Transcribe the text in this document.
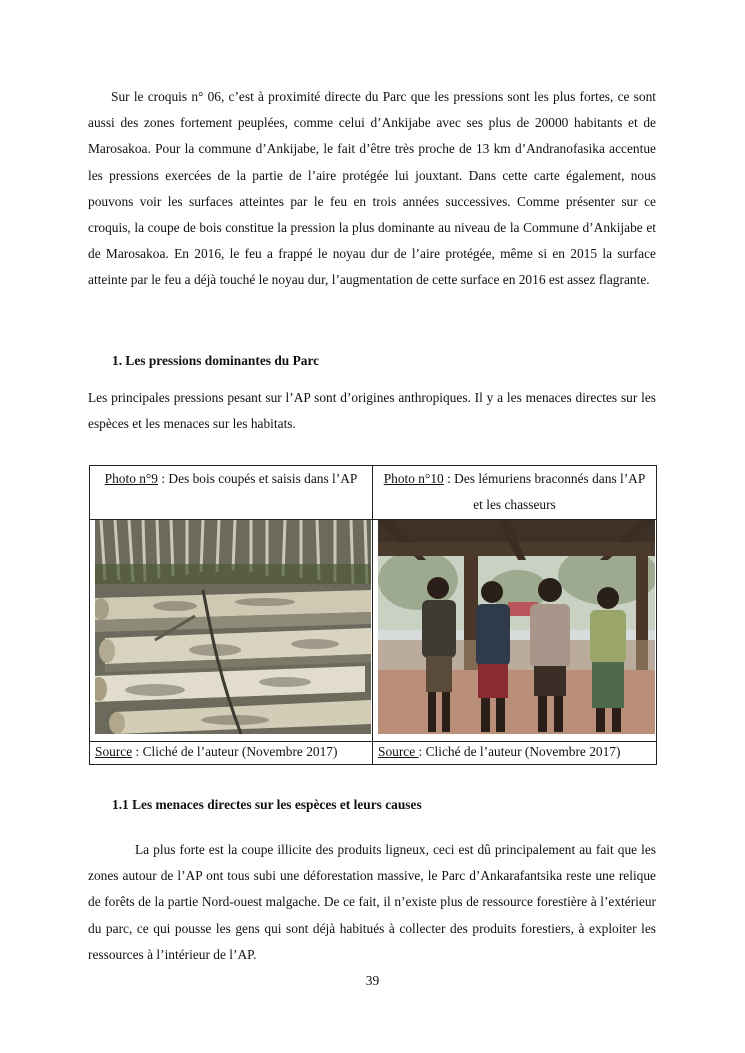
Sur le croquis n° 06, c’est à proximité directe du Parc que les pressions sont les plus fortes, ce sont aussi des zones fortement peuplées, comme celui d’Ankijabe avec ses plus de 20000 habitants et de Marosakoa. Pour la commune d’Ankijabe, le fait d’être très proche de 13 km d’Andranofasika accentue les pressions exercées de la partie de l’aire protégée lui jouxtant. Dans cette carte également, nous pouvons voir les surfaces atteintes par le feu en trois années successives. Comme présenter sur ce croquis, la coupe de bois constitue la pression la plus dominante au niveau de la Commune d’Ankijabe et de Marosakoa. En 2016, le feu a frappé le noyau dur de l’aire protégée, même si en 2015 la surface atteinte par le feu a déjà touché le noyau dur, l’augmentation de cette surface en 2016 est assez flagrante.

1. Les pressions dominantes du Parc

Les principales pressions pesant sur l’AP sont d’origines anthropiques. Il y a les menaces directes sur les espèces et les menaces sur les habitats.

Photo n°9 : Des bois coupés et saisis dans l’AP	Photo n°10 : Des lémuriens braconnés dans l’AP et les chasseurs

Source : Cliché de l’auteur (Novembre 2017)	Source : Cliché de l’auteur (Novembre 2017)

1.1 Les menaces directes sur les espèces et leurs causes

La plus forte est la coupe illicite des produits ligneux, ceci est dû principalement au fait que les zones autour de l’AP ont tous subi une déforestation massive, le Parc d’Ankarafantsika reste une relique de forêts de la partie Nord-ouest malgache. De ce fait, il n’existe plus de ressource forestière à l’extérieur du parc, ce qui pousse les gens qui sont déjà habitués à collecter des produits forestiers, à exploiter les ressources à l’intérieur de l’AP.

39
